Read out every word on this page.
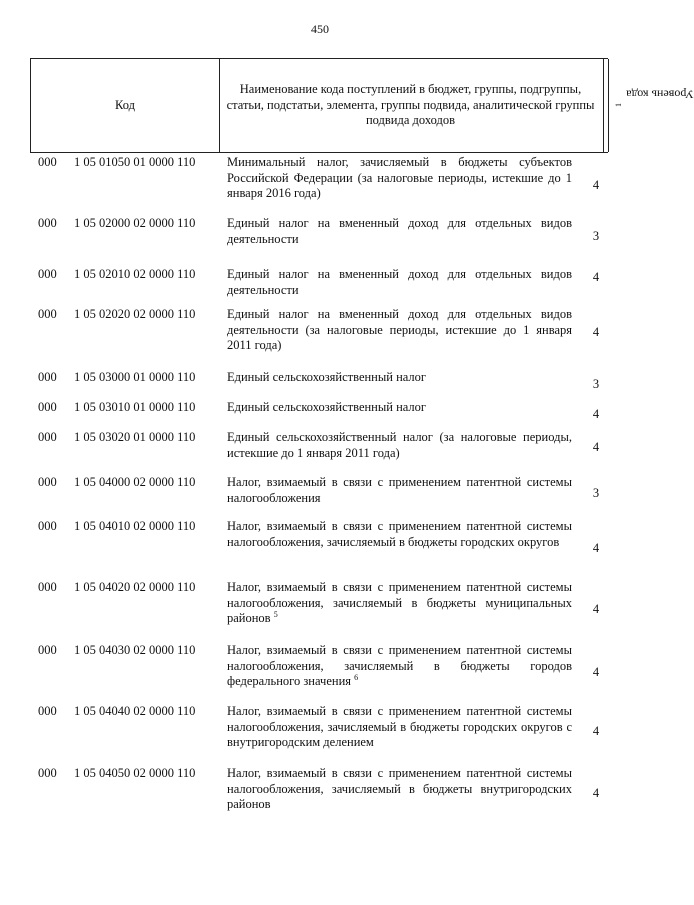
450
Код
Наименование кода поступлений в бюджет, группы, подгруппы, статьи, подстатьи, элемента, группы подвида, аналитической группы подвида доходов
Уровень кода
$^1$
000 1 05 01050 01 0000 110	Минимальный налог, зачисляемый в бюджеты субъектов Российской Федерации (за налоговые периоды, истекшие до 1 января 2016 года)
4
000 1 05 02000 02 0000 110	Единый налог на вмененный доход для отдельных видов деятельности	3
000 1 05 02010 02 0000 110	Единый налог на вмененный доход для отдельных видов деятельности
4
000 1 05 02020 02 0000 110	Единый налог на вмененный доход для отдельных видов деятельности (за налоговые периоды, истекшие до 1 января 2011 года)
4
000 1 05 03000 01 0000 110	Единый сельскохозяйственный налог	3
000 1 05 03010 01 0000 110	Единый сельскохозяйственный налог	4
000 1 05 03020 01 0000 110	Единый сельскохозяйственный налог (за налоговые периоды, истекшие до 1 января 2011 года)	4
000 1 05 04000 02 0000 110	Налог, взимаемый в связи с применением патентной системы налогообложения	3
000 1 05 04010 02 0000 110	Налог, взимаемый в связи с применением патентной системы налогообложения, зачисляемый в бюджеты городских округов	4
000 1 05 04020 02 0000 110	Налог, взимаемый в связи с применением патентной системы налогообложения, зачисляемый в бюджеты муниципальных районов $^5$	4
000 1 05 04030 02 0000 110	Налог, взимаемый в связи с применением патентной системы налогообложения, зачисляемый в бюджеты городов федерального значения $^6$	4
000 1 05 04040 02 0000 110	Налог, взимаемый в связи с применением патентной системы налогообложения, зачисляемый в бюджеты городских округов с внутригородским делением
4
000 1 05 04050 02 0000 110	Налог, взимаемый в связи с применением патентной системы налогообложения, зачисляемый в бюджеты внутригородских районов
4
